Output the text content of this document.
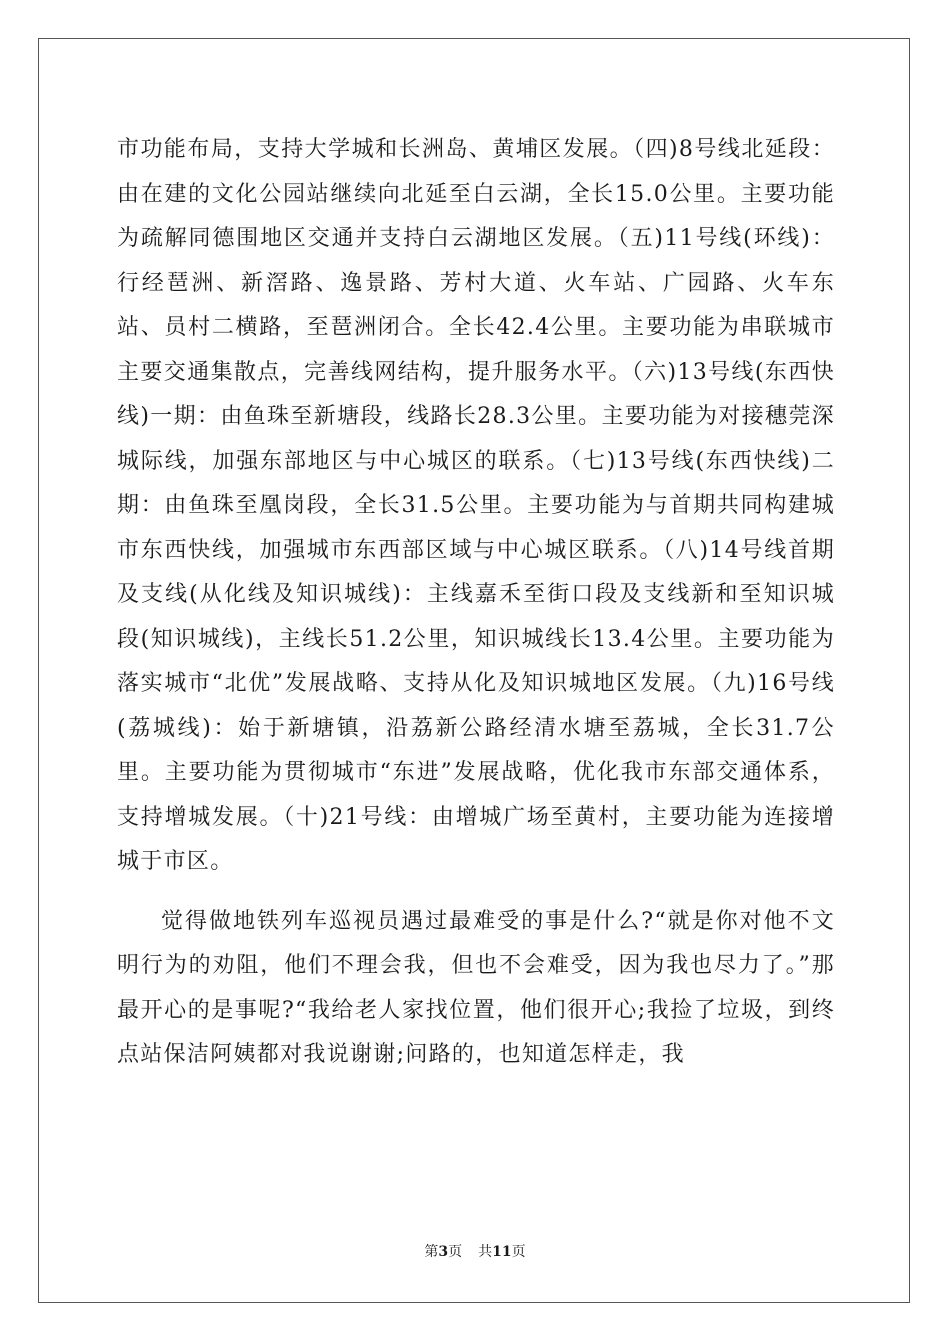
市功能布局，支持大学城和长洲岛、黄埔区发展。（四)8号线北延段：由在建的文化公园站继续向北延至白云湖，全长15.0公里。主要功能为疏解同德围地区交通并支持白云湖地区发展。（五)11号线(环线)：行经琶洲、新滘路、逸景路、芳村大道、火车站、广园路、火车东站、员村二横路，至琶洲闭合。全长42.4公里。主要功能为串联城市主要交通集散点，完善线网结构，提升服务水平。（六)13号线(东西快线)一期：由鱼珠至新塘段，线路长28.3公里。主要功能为对接穗莞深城际线，加强东部地区与中心城区的联系。（七)13号线(东西快线)二期：由鱼珠至凰岗段，全长31.5公里。主要功能为与首期共同构建城市东西快线，加强城市东西部区域与中心城区联系。（八)14号线首期及支线(从化线及知识城线)：主线嘉禾至街口段及支线新和至知识城段(知识城线)，主线长51.2公里，知识城线长13.4公里。主要功能为落实城市“北优”发展战略、支持从化及知识城地区发展。（九)16号线(荔城线)：始于新塘镇，沿荔新公路经清水塘至荔城，全长31.7公里。主要功能为贯彻城市“东进”发展战略，优化我市东部交通体系，支持增城发展。（十)21号线：由增城广场至黄村，主要功能为连接增城于市区。

觉得做地铁列车巡视员遇过最难受的事是什么?“就是你对他不文明行为的劝阻，他们不理会我，但也不会难受，因为我也尽力了。”那最开心的是事呢?“我给老人家找位置，他们很开心;我捡了垃圾，到终点站保洁阿姨都对我说谢谢;问路的，也知道怎样走，我

第3页 共11页
